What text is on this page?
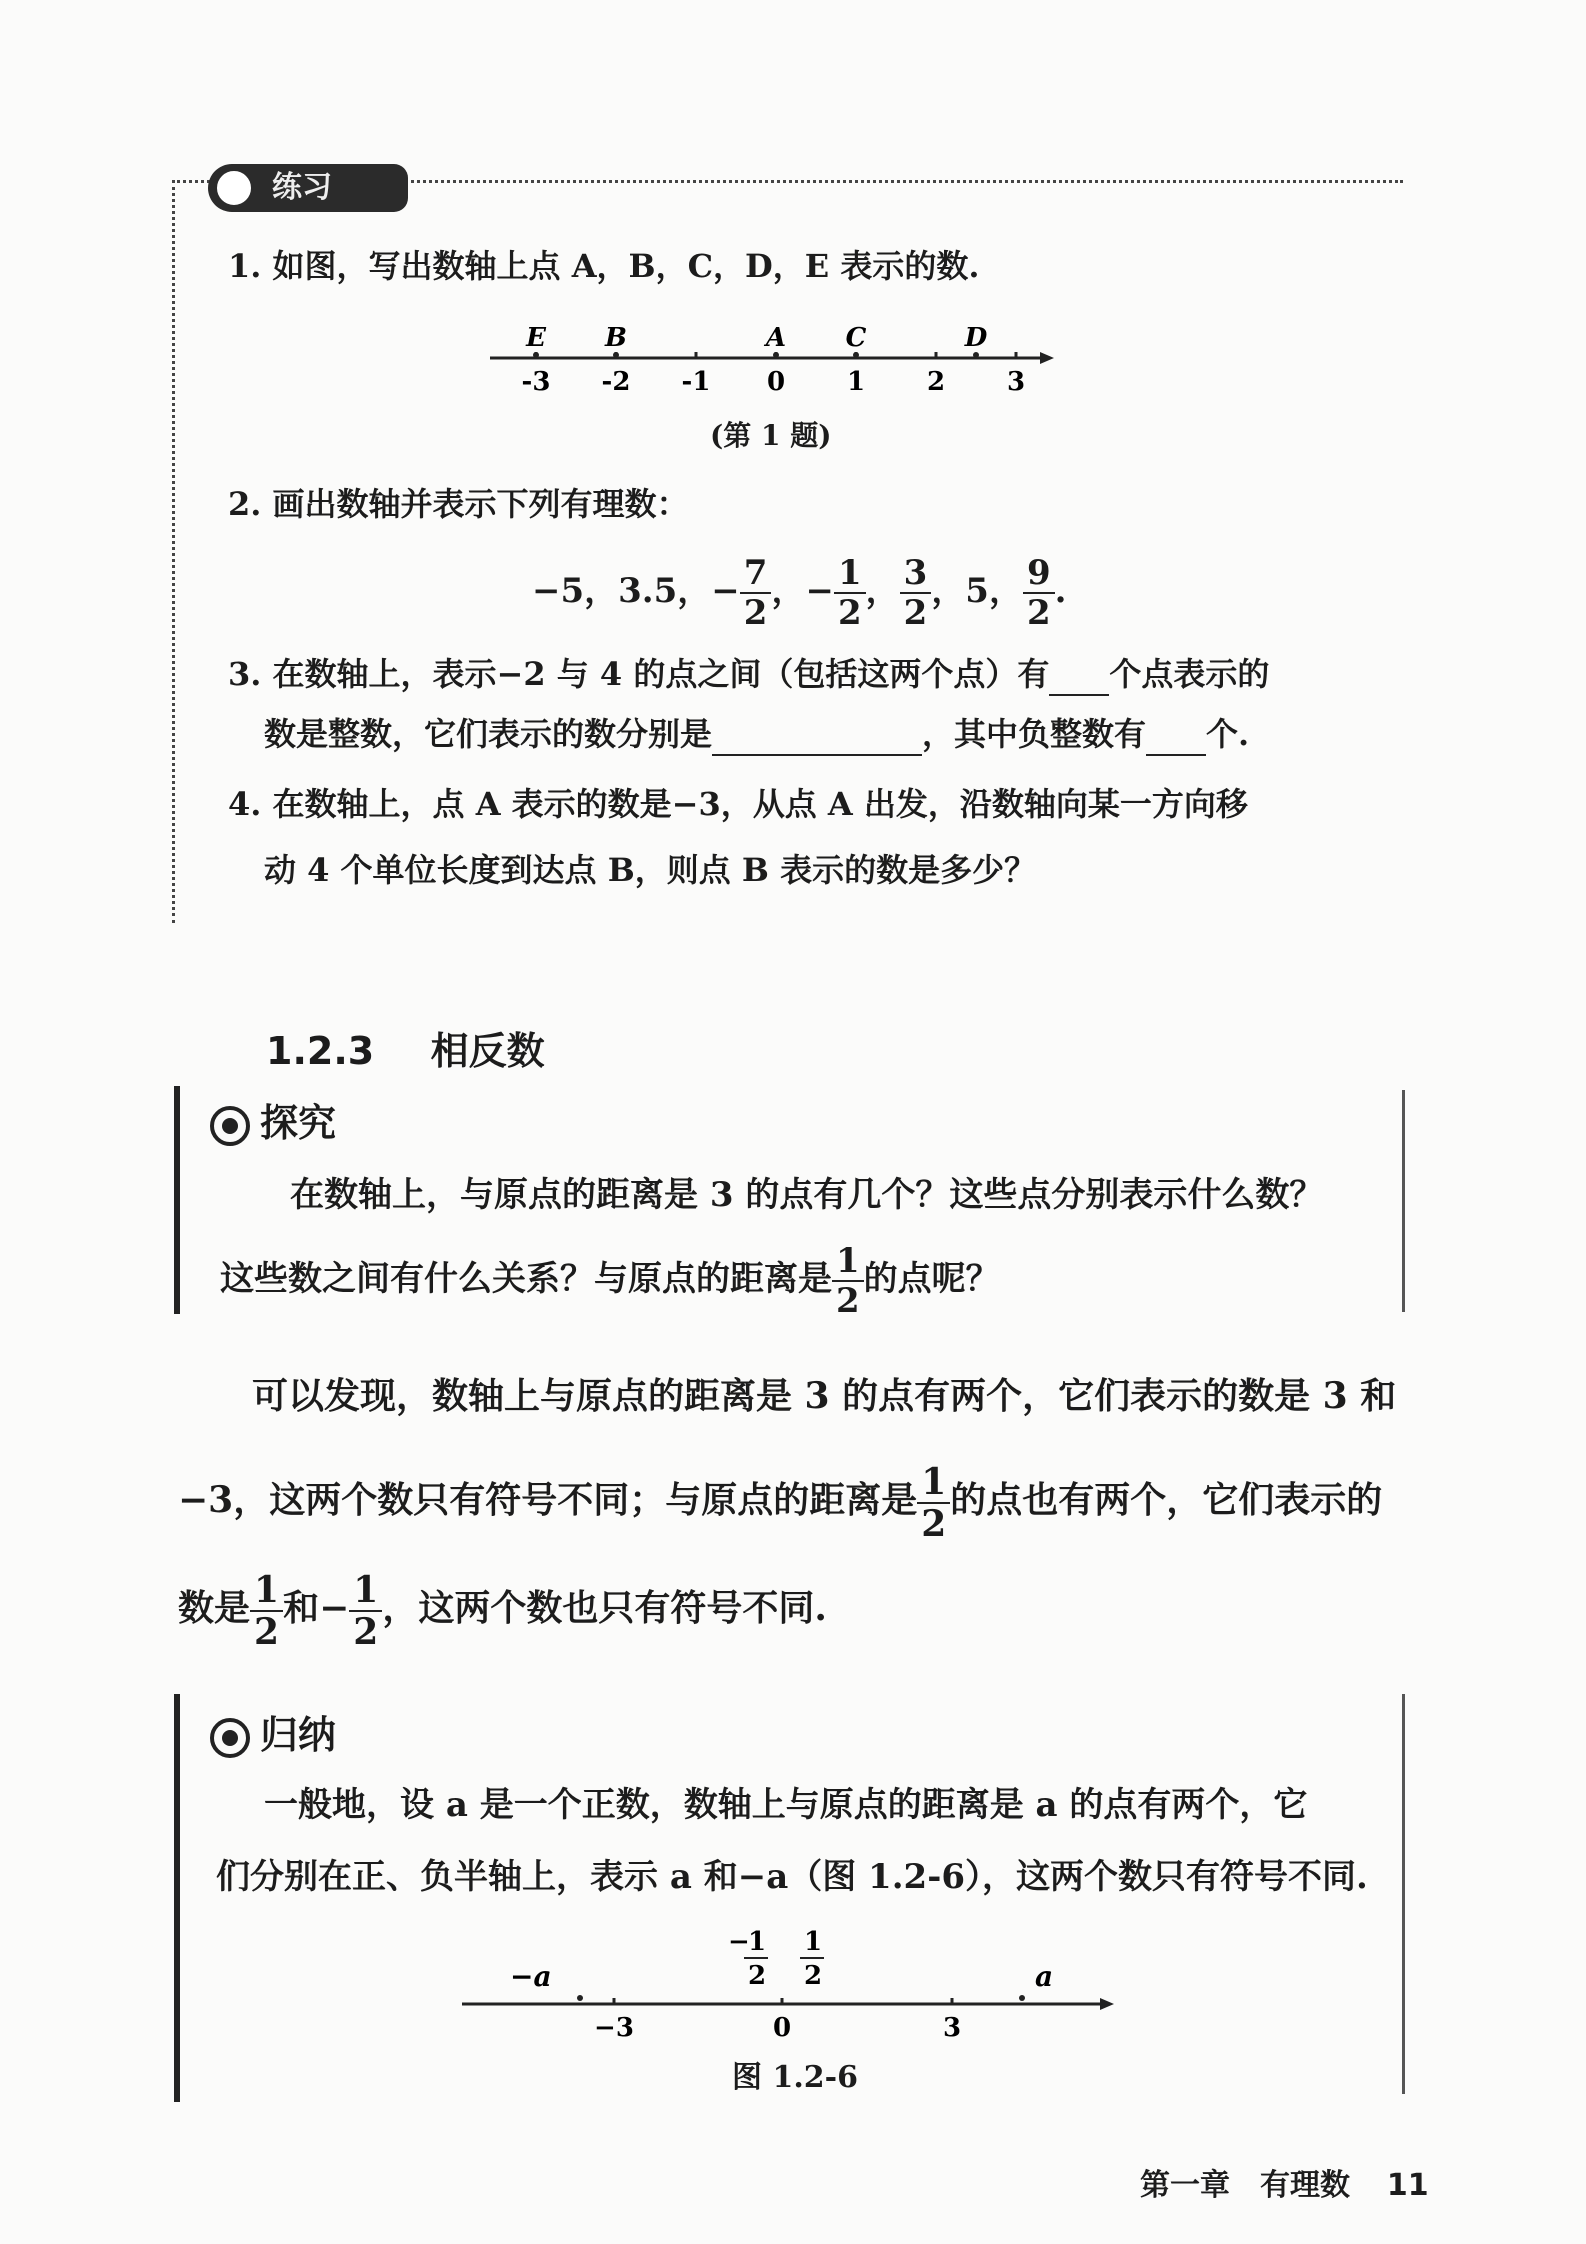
练习
1. 如图，写出数轴上点 A，B，C，D，E 表示的数.
-3 -2 -1 0 1 2 3
E B	A C	D
(第 1 题)
2. 画出数轴并表示下列有理数：
−5，3.5，− $\frac{7}{2}$ ，− $\frac{1}{2}$ ， $\frac{3}{2}$ ，5， $\frac{9}{2}$ .
3. 在数轴上，表示−2 与 4 的点之间（包括这两个点）有 个点表示的
数是整数，它们表示的数分别是	，其中负整数有 个.
4. 在数轴上，点 A 表示的数是−3，从点 A 出发，沿数轴向某一方向移
动 4 个单位长度到达点 B，则点 B 表示的数是多少？
1.2.3 相反数
探究
在数轴上，与原点的距离是 3 的点有几个？这些点分别表示什么数？
这些数之间有什么关系？与原点的距离是 $\frac{1}{2}$ 的点呢？
可以发现，数轴上与原点的距离是 3 的点有两个，它们表示的数是 3 和
−3，这两个数只有符号不同；与原点的距离是 $\frac{1}{2}$ 的点也有两个，它们表示的
数是 $\frac{1}{2}$ 和− $\frac{1}{2}$ ，这两个数也只有符号不同.
归纳
一般地，设 a 是一个正数，数轴上与原点的距离是 a 的点有两个，它
们分别在正、负半轴上，表示 a 和−a（图 1.2-6），这两个数只有符号不同.
−3	0	3
−a	a
−
1
2
1
2
图 1.2-6
第一章　有理数 11
